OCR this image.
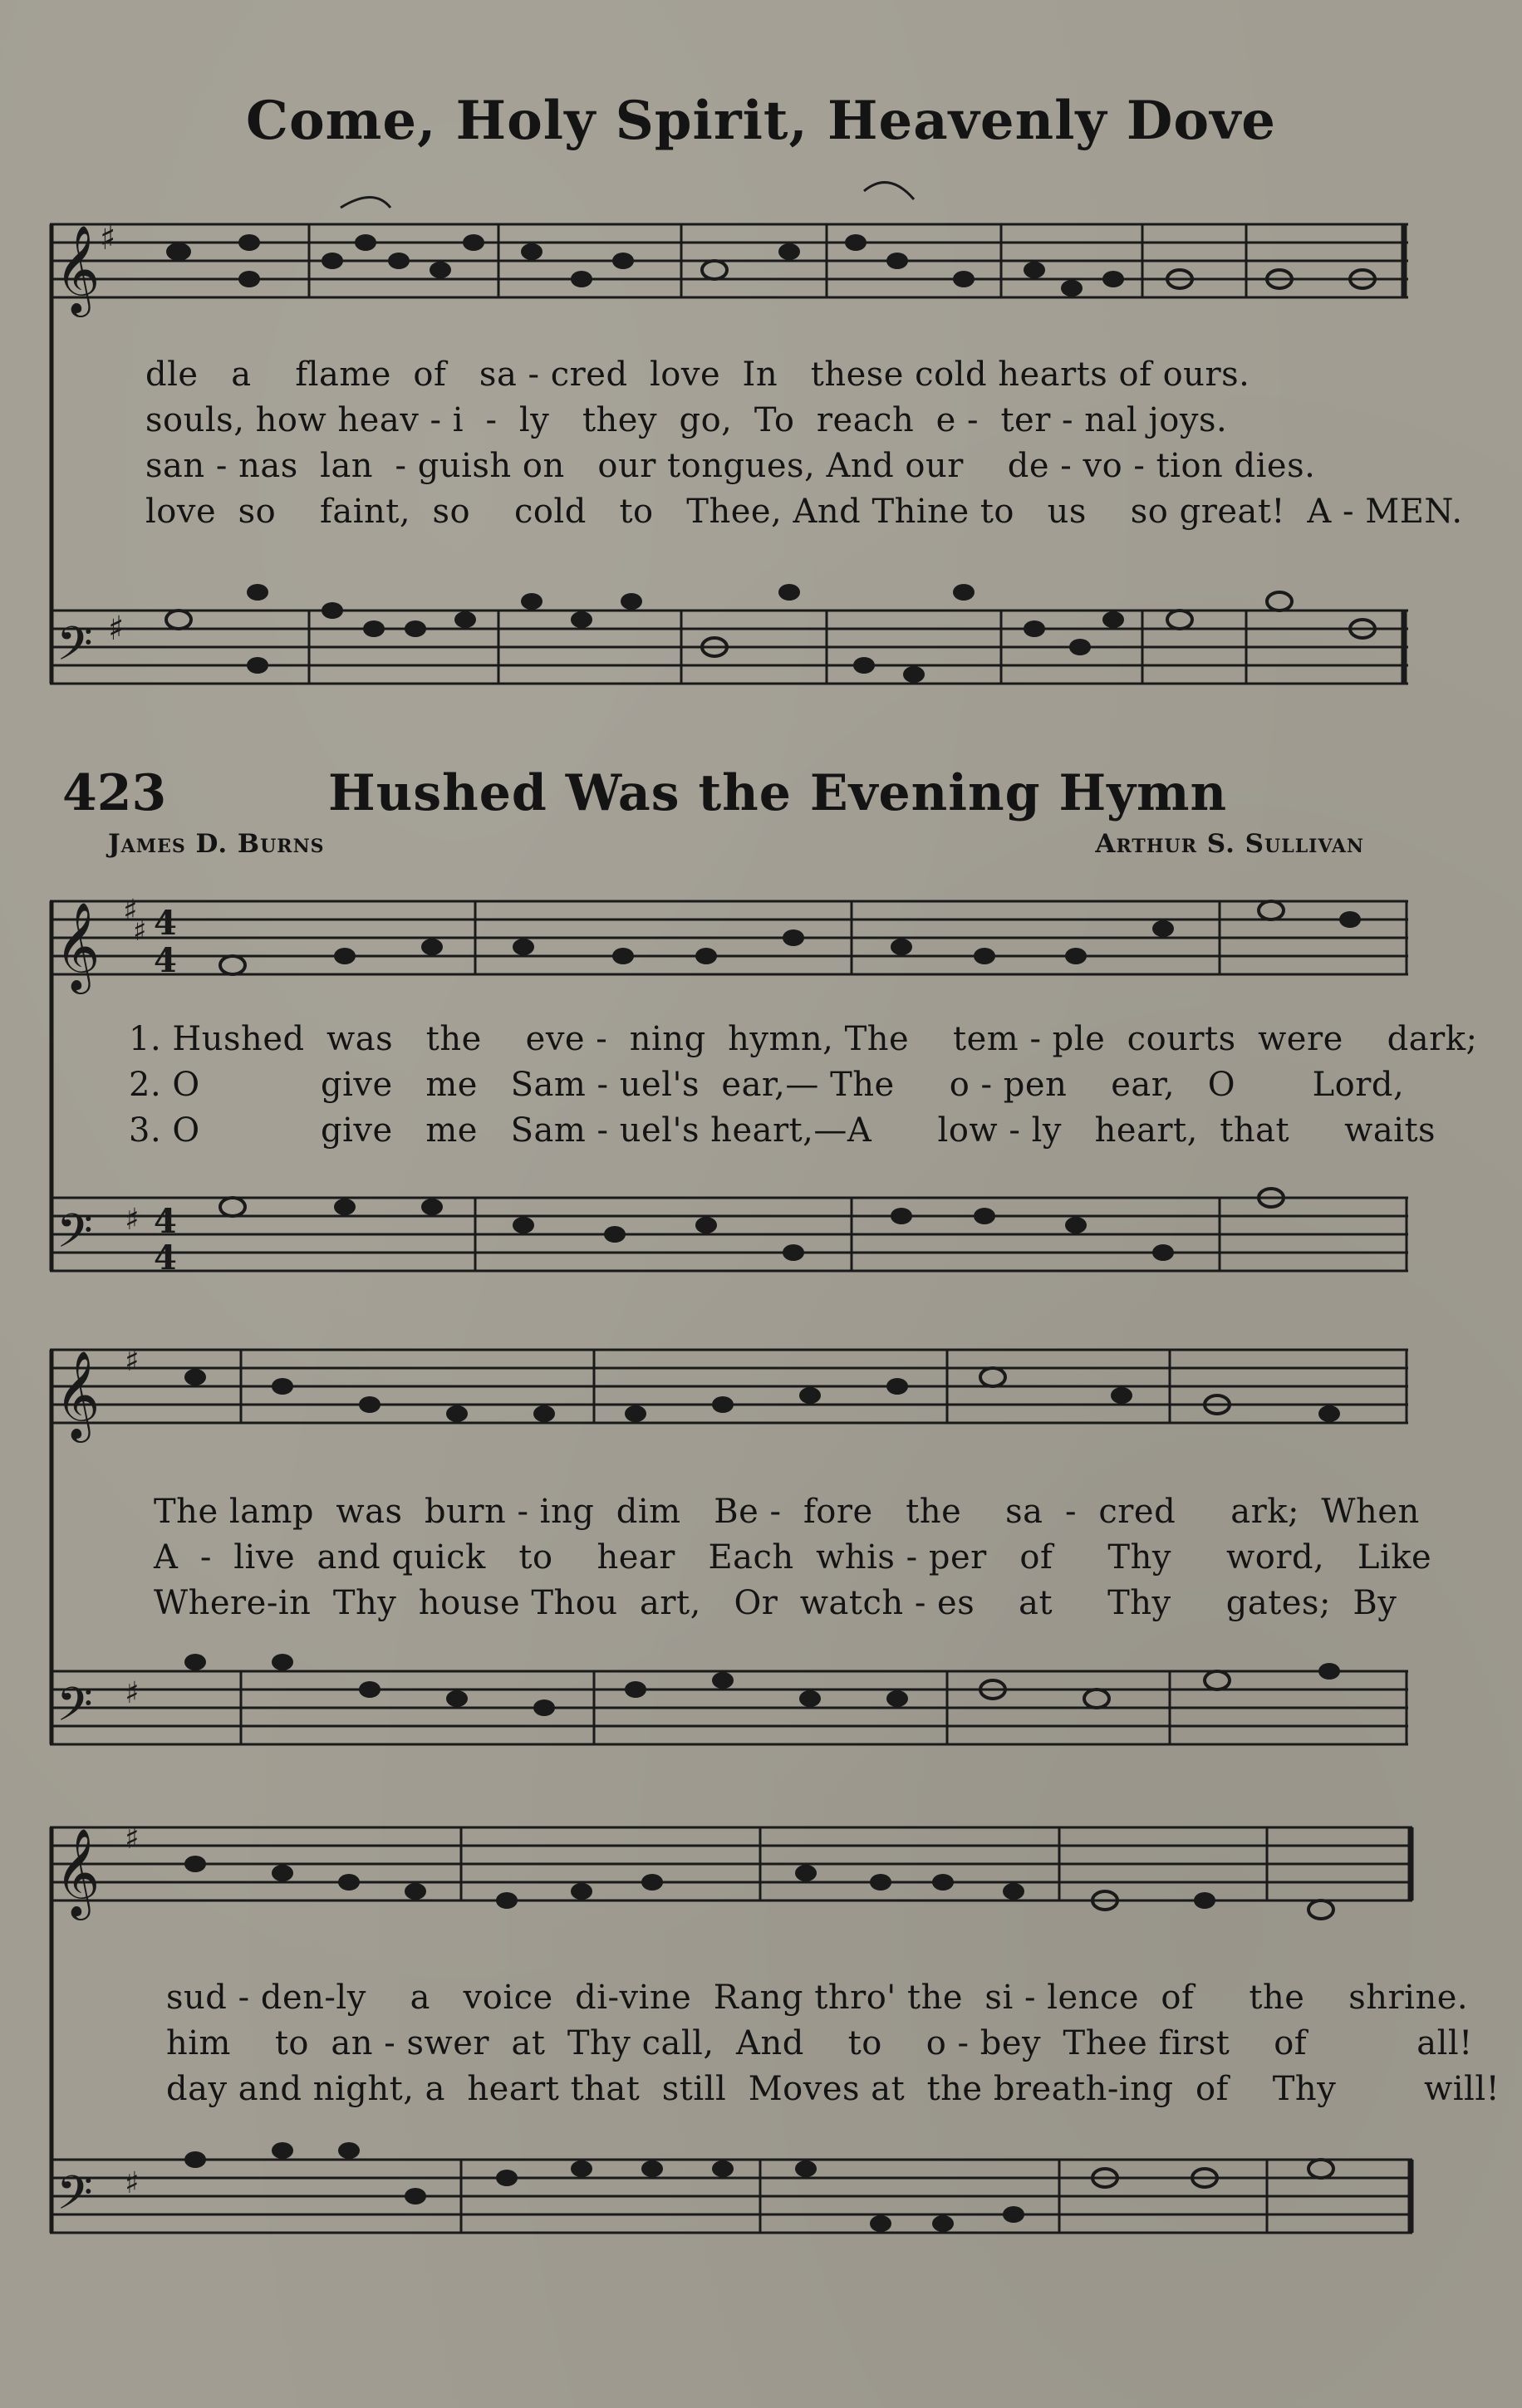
Come, Holy Spirit, Heavenly Dove
𝄞 ♯
𝄢 ♯
dle   a    flame  of   sa - cred  love  In   these cold hearts of ours.
souls, how heav - i  -  ly   they  go,  To  reach  e -  ter - nal joys.
san - nas  lan  - guish on   our tongues, And our    de - vo - tion dies.
love  so    faint,  so    cold   to   Thee, And Thine to   us    so great!  A - MEN.
423	Hushed Was the Evening Hymn
James D. Burns	Arthur S. Sullivan
𝄞 ♯
♯ 4
4
𝄢 ♯ 4
4
𝄞 ♯
𝄢 ♯
𝄞 ♯
𝄢 ♯
1. Hushed  was   the    eve -  ning  hymn, The    tem - ple  courts  were    dark;
2. O           give   me   Sam - uel's  ear,— The     o - pen    ear,   O       Lord,
3. O           give   me   Sam - uel's heart,—A      low - ly   heart,  that     waits
The lamp  was  burn - ing  dim   Be -  fore   the    sa  -  cred     ark;  When
A  -  live  and quick   to    hear   Each  whis - per   of     Thy     word,   Like
Where-in  Thy  house Thou  art,   Or  watch - es    at     Thy     gates;  By
sud - den-ly    a   voice  di-vine  Rang thro' the  si - lence  of     the    shrine.
him    to  an - swer  at  Thy call,  And    to    o - bey  Thee first    of          all!
day and night, a  heart that  still  Moves at  the breath-ing  of    Thy        will!
